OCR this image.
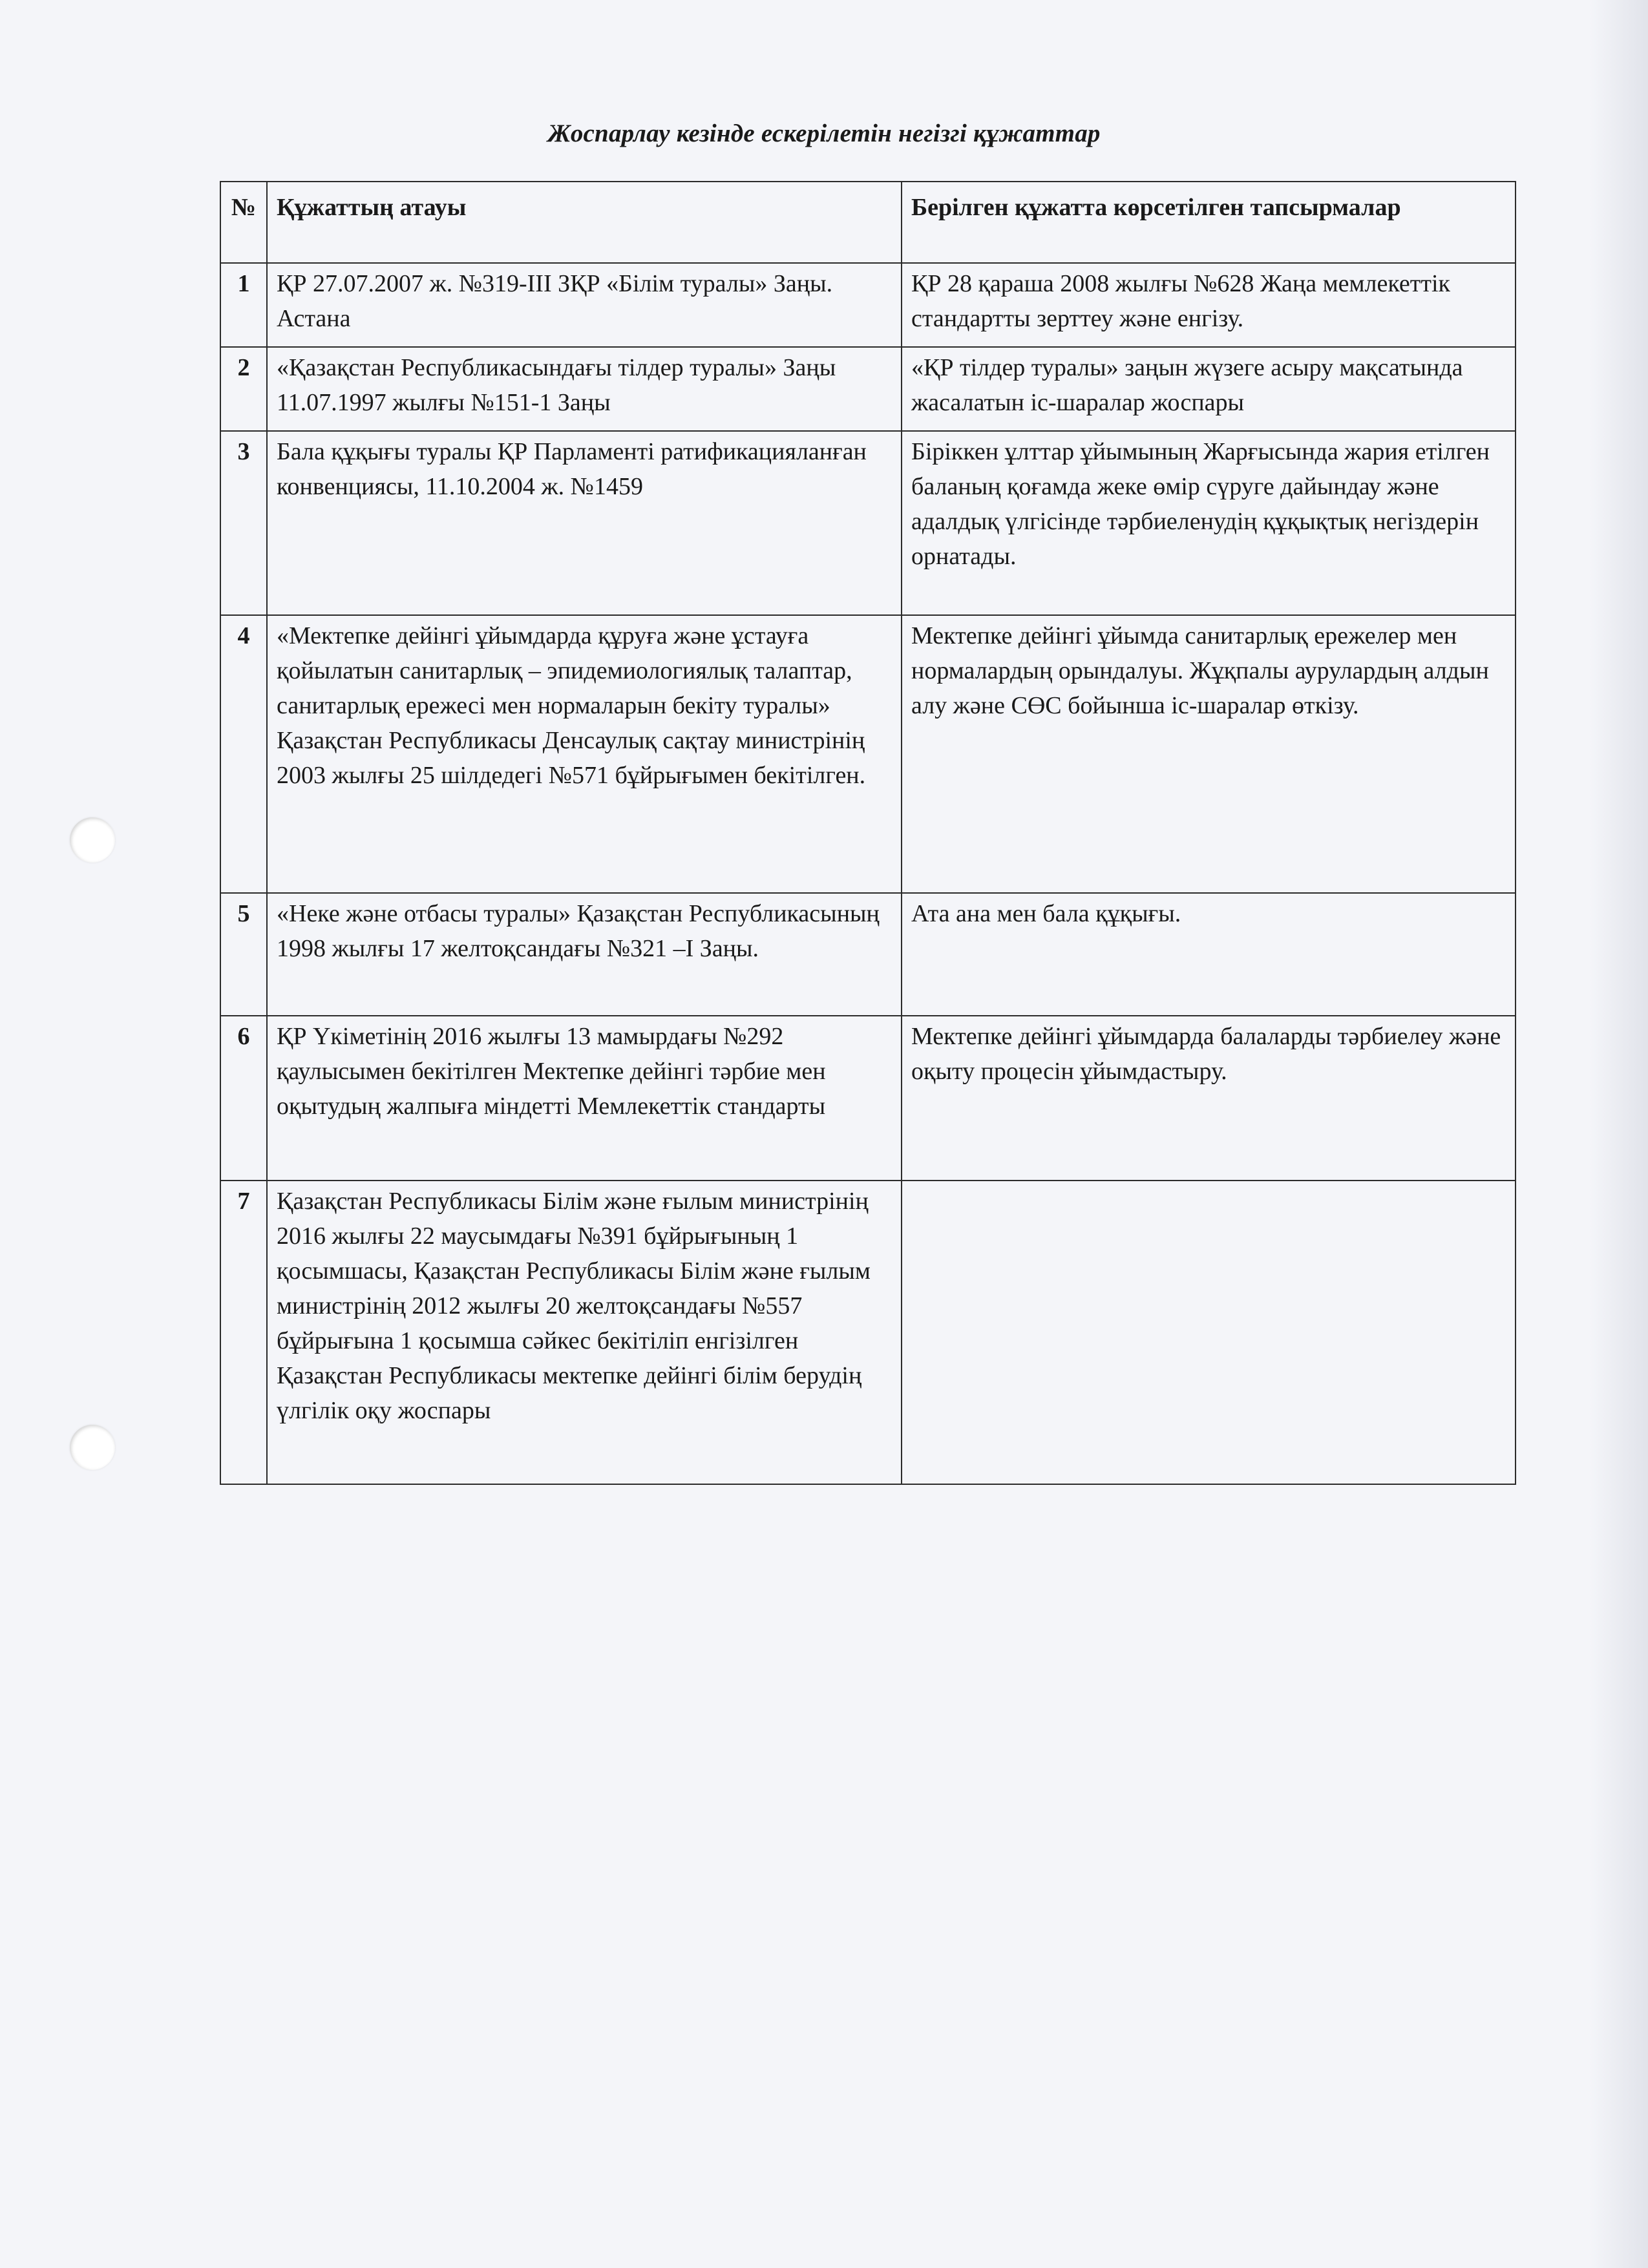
Жоспарлау кезінде ескерілетін негізгі құжаттар
№	Құжаттың атауы	Берілген құжатта көрсетілген тапсырмалар
1	ҚР 27.07.2007 ж. №319-ІІІ ЗҚР «Білім туралы» Заңы. Астана	ҚР 28 қараша 2008 жылғы №628 Жаңа мемлекеттік стандартты зерттеу және енгізу.
2	«Қазақстан Республикасындағы тілдер туралы» Заңы 11.07.1997 жылғы №151-1 Заңы	«ҚР тілдер туралы» заңын жүзеге асыру мақсатында жасалатын іс-шаралар жоспары
3	Бала құқығы туралы ҚР Парламенті ратификацияланған конвенциясы, 11.10.2004 ж. №1459	Біріккен ұлттар ұйымының Жарғысында жария етілген баланың қоғамда жеке өмір сүруге дайындау және адалдық үлгісінде тәрбиеленудің құқықтық негіздерін орнатады.
4	«Мектепке дейінгі ұйымдарда құруға және ұстауға қойылатын санитарлық – эпидемиологиялық талаптар, санитарлық ережесі мен нормаларын бекіту туралы» Қазақстан Республикасы Денсаулық сақтау министрінің 2003 жылғы 25 шілдедегі №571 бұйрығымен бекітілген.	Мектепке дейінгі ұйымда санитарлық ережелер мен нормалардың орындалуы. Жұқпалы аурулардың алдын алу және СӨС бойынша іс-шаралар өткізу.
5	«Неке және отбасы туралы» Қазақстан Республикасының 1998 жылғы 17 желтоқсандағы №321 –І Заңы.	Ата ана мен бала құқығы.
6	ҚР Үкіметінің 2016 жылғы 13 мамырдағы №292 қаулысымен бекітілген Мектепке дейінгі тәрбие мен оқытудың жалпыға міндетті Мемлекеттік стандарты	Мектепке дейінгі ұйымдарда балаларды тәрбиелеу және оқыту процесін ұйымдастыру.
7	Қазақстан Республикасы Білім және ғылым министрінің 2016 жылғы 22 маусымдағы №391 бұйрығының 1 қосымшасы, Қазақстан Республикасы Білім және ғылым министрінің 2012 жылғы 20 желтоқсандағы №557 бұйрығына 1 қосымша сәйкес бекітіліп енгізілген Қазақстан Республикасы мектепке дейінгі білім берудің үлгілік оқу жоспары	
